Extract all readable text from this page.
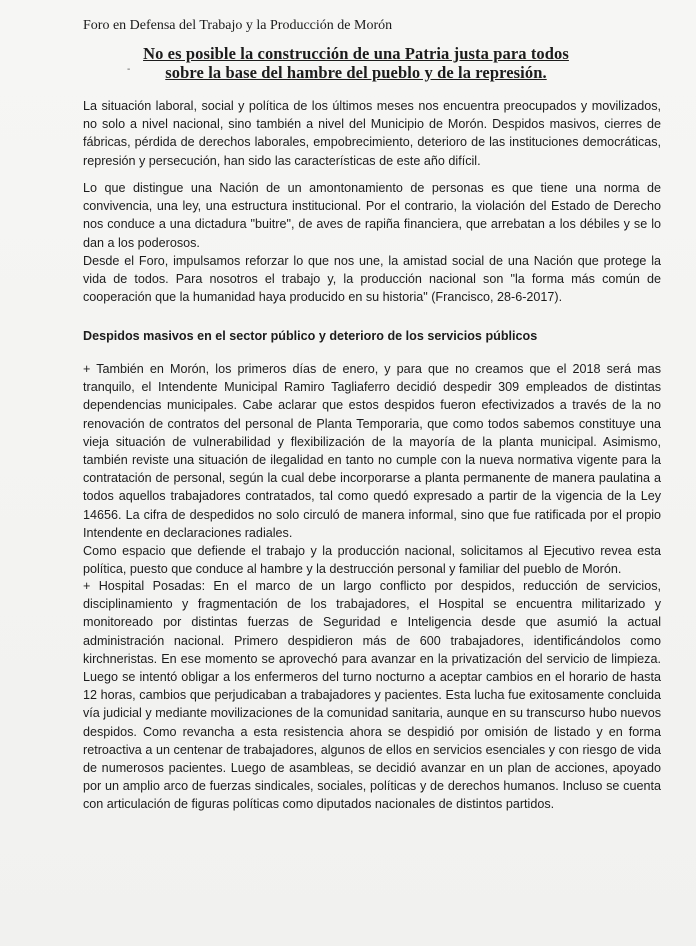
Foro en Defensa del Trabajo y la Producción de Morón
No es posible la construcción de una Patria justa para todos
sobre la base del hambre del pueblo y de la represión.
-

La situación laboral, social y política de los últimos meses nos encuentra preocupados y movilizados, no solo a nivel nacional, sino también a nivel del Municipio de Morón. Despidos masivos, cierres de fábricas, pérdida de derechos laborales, empobrecimiento, deterioro de las instituciones democráticas, represión y persecución, han sido las características de este año difícil.

Lo que distingue una Nación de un amontonamiento de personas es que tiene una norma de convivencia, una ley, una estructura institucional. Por el contrario, la violación del Estado de Derecho nos conduce a una dictadura "buitre", de aves de rapiña financiera, que arrebatan a los débiles y se lo dan a los poderosos.

Desde el Foro, impulsamos reforzar lo que nos une, la amistad social de una Nación que protege la vida de todos. Para nosotros el trabajo y, la producción nacional son "la forma más común de cooperación que la humanidad haya producido en su historia" (Francisco, 28-6-2017).

Despidos masivos en el sector público y deterioro de los servicios públicos

+ También en Morón, los primeros días de enero, y para que no creamos que el 2018 será mas tranquilo, el Intendente Municipal Ramiro Tagliaferro decidió despedir 309 empleados de distintas dependencias municipales. Cabe aclarar que estos despidos fueron efectivizados a través de la no renovación de contratos del personal de Planta Temporaria, que como todos sabemos constituye una vieja situación de vulnerabilidad y flexibilización de la mayoría de la planta municipal. Asimismo, también reviste una situación de ilegalidad en tanto no cumple con la nueva normativa vigente para la contratación de personal, según la cual debe incorporarse a planta permanente de manera paulatina a todos aquellos trabajadores contratados, tal como quedó expresado a partir de la vigencia de la Ley 14656. La cifra de despedidos no solo circuló de manera informal, sino que fue ratificada por el propio Intendente en declaraciones radiales.

Como espacio que defiende el trabajo y la producción nacional, solicitamos al Ejecutivo revea esta política, puesto que conduce al hambre y la destrucción personal y familiar del pueblo de Morón.

+ Hospital Posadas: En el marco de un largo conflicto por despidos, reducción de servicios, disciplinamiento y fragmentación de los trabajadores, el Hospital se encuentra militarizado y monitoreado por distintas fuerzas de Seguridad e Inteligencia desde que asumió la actual administración nacional. Primero despidieron más de 600 trabajadores, identificándolos como kirchneristas. En ese momento se aprovechó para avanzar en la privatización del servicio de limpieza. Luego se intentó obligar a los enfermeros del turno nocturno a aceptar cambios en el horario de hasta 12 horas, cambios que perjudicaban a trabajadores y pacientes. Esta lucha fue exitosamente concluida vía judicial y mediante movilizaciones de la comunidad sanitaria, aunque en su transcurso hubo nuevos despidos. Como revancha a esta resistencia ahora se despidió por omisión de listado y en forma retroactiva a un centenar de trabajadores, algunos de ellos en servicios esenciales y con riesgo de vida de numerosos pacientes. Luego de asambleas, se decidió avanzar en un plan de acciones, apoyado por un amplio arco de fuerzas sindicales, sociales, políticas y de derechos humanos. Incluso se cuenta con articulación de figuras políticas como diputados nacionales de distintos partidos.
